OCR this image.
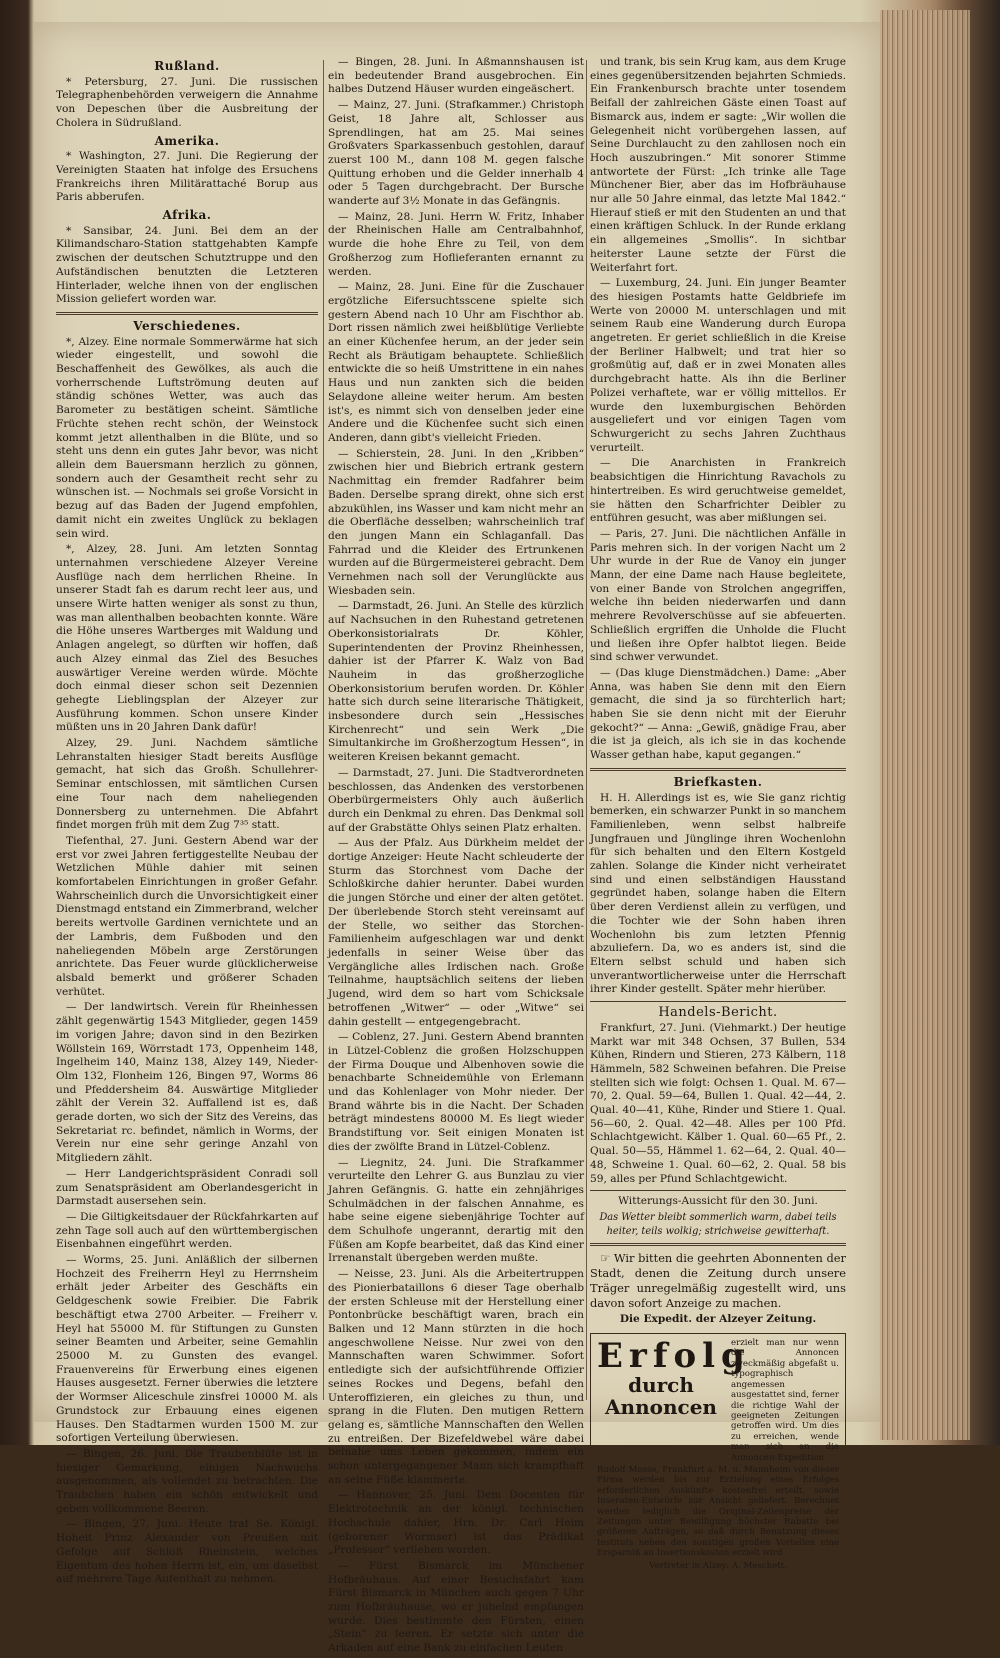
Rußland.

* Petersburg, 27. Juni. Die russischen Telegraphenbehörden verweigern die Annahme von Depeschen über die Ausbreitung der Cholera in Südrußland.

Amerika.

* Washington, 27. Juni. Die Regierung der Vereinigten Staaten hat infolge des Ersuchens Frankreichs ihren Militärattaché Borup aus Paris abberufen.

Afrika.

* Sansibar, 24. Juni. Bei dem an der Kilimandscharo-Station stattgehabten Kampfe zwischen der deutschen Schutztruppe und den Aufständischen benutzten die Letzteren Hinterlader, welche ihnen von der englischen Mission geliefert worden war.

Verschiedenes.

*, Alzey. Eine normale Sommerwärme hat sich wieder eingestellt, und sowohl die Beschaffenheit des Gewölkes, als auch die vorherrschende Luftströmung deuten auf ständig schönes Wetter, was auch das Barometer zu bestätigen scheint. Sämtliche Früchte stehen recht schön, der Weinstock kommt jetzt allenthalben in die Blüte, und so steht uns denn ein gutes Jahr bevor, was nicht allein dem Bauersmann herzlich zu gönnen, sondern auch der Gesamtheit recht sehr zu wünschen ist. — Nochmals sei große Vorsicht in bezug auf das Baden der Jugend empfohlen, damit nicht ein zweites Unglück zu beklagen sein wird.

*, Alzey, 28. Juni. Am letzten Sonntag unternahmen verschiedene Alzeyer Vereine Ausflüge nach dem herrlichen Rheine. In unserer Stadt fah es darum recht leer aus, und unsere Wirte hatten weniger als sonst zu thun, was man allenthalben beobachten konnte. Wäre die Höhe unseres Wartberges mit Waldung und Anlagen angelegt, so dürften wir hoffen, daß auch Alzey einmal das Ziel des Besuches auswärtiger Vereine werden würde. Möchte doch einmal dieser schon seit Dezennien gehegte Lieblingsplan der Alzeyer zur Ausführung kommen. Schon unsere Kinder müßten uns in 20 Jahren Dank dafür!

Alzey, 29. Juni. Nachdem sämtliche Lehranstalten hiesiger Stadt bereits Ausflüge gemacht, hat sich das Großh. Schullehrer-Seminar entschlossen, mit sämtlichen Cursen eine Tour nach dem naheliegenden Donnersberg zu unternehmen. Die Abfahrt findet morgen früh mit dem Zug 7³⁵ statt.

Tiefenthal, 27. Juni. Gestern Abend war der erst vor zwei Jahren fertiggestellte Neubau der Wetzlichen Mühle dahier mit seinen komfortabelen Einrichtungen in großer Gefahr. Wahrscheinlich durch die Unvorsichtigkeit einer Dienstmagd entstand ein Zimmerbrand, welcher bereits wertvolle Gardinen vernichtete und an der Lambris, dem Fußboden und den naheliegenden Möbeln arge Zerstörungen anrichtete. Das Feuer wurde glücklicherweise alsbald bemerkt und größerer Schaden verhütet.

— Der landwirtsch. Verein für Rheinhessen zählt gegenwärtig 1543 Mitglieder, gegen 1459 im vorigen Jahre; davon sind in den Bezirken Wöllstein 169, Wörrstadt 173, Oppenheim 148, Ingelheim 140, Mainz 138, Alzey 149, Nieder-Olm 132, Flonheim 126, Bingen 97, Worms 86 und Pfeddersheim 84. Auswärtige Mitglieder zählt der Verein 32. Auffallend ist es, daß gerade dorten, wo sich der Sitz des Vereins, das Sekretariat rc. befindet, nämlich in Worms, der Verein nur eine sehr geringe Anzahl von Mitgliedern zählt.

— Herr Landgerichtspräsident Conradi soll zum Senatspräsident am Oberlandesgericht in Darmstadt ausersehen sein.

— Die Giltigkeitsdauer der Rückfahrkarten auf zehn Tage soll auch auf den württembergischen Eisenbahnen eingeführt werden.

— Worms, 25. Juni. Anläßlich der silbernen Hochzeit des Freiherrn Heyl zu Herrnsheim erhält jeder Arbeiter des Geschäfts ein Geldgeschenk sowie Freibier. Die Fabrik beschäftigt etwa 2700 Arbeiter. — Freiherr v. Heyl hat 55000 M. für Stiftungen zu Gunsten seiner Beamten und Arbeiter, seine Gemahlin 25000 M. zu Gunsten des evangel. Frauenvereins für Erwerbung eines eigenen Hauses ausgesetzt. Ferner überwies die letztere der Wormser Aliceschule zinsfrei 10000 M. als Grundstock zur Erbauung eines eigenen Hauses. Den Stadtarmen wurden 1500 M. zur sofortigen Verteilung überwiesen.

— Bingen, 26. Juni. Die Traubenblüte ist in hiesiger Gemarkung, einigen Nachwuchs ausgenommen, als vollendet zu betrachten. Die Traubchen haben ein schön entwickelt und geben vollkommene Beeren.

— Bingen, 27. Juni. Heute traf Se. Königl. Hoheit Prinz Alexander von Preußen mit Gefolge auf Schloß Rheinstein, welches Eigentum des hohen Herrn ist, ein, um daselbst auf mehrere Tage Aufenthalt zu nehmen.

— Bingen, 28. Juni. In Aßmannshausen ist ein bedeutender Brand ausgebrochen. Ein halbes Dutzend Häuser wurden eingeäschert.

— Mainz, 27. Juni. (Strafkammer.) Christoph Geist, 18 Jahre alt, Schlosser aus Sprendlingen, hat am 25. Mai seines Großvaters Sparkassenbuch gestohlen, darauf zuerst 100 M., dann 108 M. gegen falsche Quittung erhoben und die Gelder innerhalb 4 oder 5 Tagen durchgebracht. Der Bursche wanderte auf 3½ Monate in das Gefängnis.

— Mainz, 28. Juni. Herrn W. Fritz, Inhaber der Rheinischen Halle am Centralbahnhof, wurde die hohe Ehre zu Teil, von dem Großherzog zum Hoflieferanten ernannt zu werden.

— Mainz, 28. Juni. Eine für die Zuschauer ergötzliche Eifersuchtsscene spielte sich gestern Abend nach 10 Uhr am Fischthor ab. Dort rissen nämlich zwei heißblütige Verliebte an einer Küchenfee herum, an der jeder sein Recht als Bräutigam behauptete. Schließlich entwickte die so heiß Umstrittene in ein nahes Haus und nun zankten sich die beiden Selaydone alleine weiter herum. Am besten ist's, es nimmt sich von denselben jeder eine Andere und die Küchenfee sucht sich einen Anderen, dann gibt's vielleicht Frieden.

— Schierstein, 28. Juni. In den „Kribben“ zwischen hier und Biebrich ertrank gestern Nachmittag ein fremder Radfahrer beim Baden. Derselbe sprang direkt, ohne sich erst abzukühlen, ins Wasser und kam nicht mehr an die Oberfläche desselben; wahrscheinlich traf den jungen Mann ein Schlaganfall. Das Fahrrad und die Kleider des Ertrunkenen wurden auf die Bürgermeisterei gebracht. Dem Vernehmen nach soll der Verunglückte aus Wiesbaden sein.

— Darmstadt, 26. Juni. An Stelle des kürzlich auf Nachsuchen in den Ruhestand getretenen Oberkonsistorialrats Dr. Köhler, Superintendenten der Provinz Rheinhessen, dahier ist der Pfarrer K. Walz von Bad Nauheim in das großherzogliche Oberkonsistorium berufen worden. Dr. Köhler hatte sich durch seine literarische Thätigkeit, insbesondere durch sein „Hessisches Kirchenrecht“ und sein Werk „Die Simultankirche im Großherzogtum Hessen“, in weiteren Kreisen bekannt gemacht.

— Darmstadt, 27. Juni. Die Stadtverordneten beschlossen, das Andenken des verstorbenen Oberbürgermeisters Ohly auch äußerlich durch ein Denkmal zu ehren. Das Denkmal soll auf der Grabstätte Ohlys seinen Platz erhalten.

— Aus der Pfalz. Aus Dürkheim meldet der dortige Anzeiger: Heute Nacht schleuderte der Sturm das Storchnest vom Dache der Schloßkirche dahier herunter. Dabei wurden die jungen Störche und einer der alten getötet. Der überlebende Storch steht vereinsamt auf der Stelle, wo seither das Storchen-Familienheim aufgeschlagen war und denkt jedenfalls in seiner Weise über das Vergängliche alles Irdischen nach. Große Teilnahme, hauptsächlich seitens der lieben Jugend, wird dem so hart vom Schicksale betroffenen „Witwer“ — oder „Witwe“ sei dahin gestellt — entgegengebracht.

— Coblenz, 27. Juni. Gestern Abend brannten in Lützel-Coblenz die großen Holzschuppen der Firma Douque und Albenhoven sowie die benachbarte Schneidemühle von Erlemann und das Kohlenlager von Mohr nieder. Der Brand währte bis in die Nacht. Der Schaden beträgt mindestens 80000 M. Es liegt wieder Brandstiftung vor. Seit einigen Monaten ist dies der zwölfte Brand in Lützel-Coblenz.

— Liegnitz, 24. Juni. Die Strafkammer verurteilte den Lehrer G. aus Bunzlau zu vier Jahren Gefängnis. G. hatte ein zehnjähriges Schulmädchen in der falschen Annahme, es habe seine eigene siebenjährige Tochter auf dem Schulhofe ungerannt, derartig mit den Füßen am Kopfe bearbeitet, daß das Kind einer Irrenanstalt übergeben werden mußte.

— Neisse, 23. Juni. Als die Arbeitertruppen des Pionierbataillons 6 dieser Tage oberhalb der ersten Schleuse mit der Herstellung einer Pontonbrücke beschäftigt waren, brach ein Balken und 12 Mann stürzten in die hoch angeschwollene Neisse. Nur zwei von den Mannschaften waren Schwimmer. Sofort entledigte sich der aufsichtführende Offizier seines Rockes und Degens, befahl den Unteroffizieren, ein gleiches zu thun, und sprang in die Fluten. Den mutigen Rettern gelang es, sämtliche Mannschaften den Wellen zu entreißen. Der Bizefeldwebel wäre dabei beinahe ums Leben gekommen, indem ein schon untergegangener Mann sich krampfhaft an seine Füße klammerte.

— Hannover, 25. Juni. Dem Docenten für Elektrotechnik an der königl. technischen Hochschule dahier, Hrn. Dr. Carl Heim (geborener Wormser) ist das Prädikat „Professor“ verliehen worden.

— Fürst Bismarck im Münchener Hofbräuhaus. Auf einer Besuchsfahrt kam Fürst Bismarck in München auch gegen 7 Uhr zum Hofbräuhause, wo er jubelnd empfangen wurde. Dies bestimmte den Fürsten, einen „Stein“ zu leeren. Er setzte sich unter die Arkaden auf eine Bank zu einfachen Leuten

und trank, bis sein Krug kam, aus dem Kruge eines gegenübersitzenden bejahrten Schmieds. Ein Frankenbursch brachte unter tosendem Beifall der zahlreichen Gäste einen Toast auf Bismarck aus, indem er sagte: „Wir wollen die Gelegenheit nicht vorübergehen lassen, auf Seine Durchlaucht zu den zahllosen noch ein Hoch auszubringen.“ Mit sonorer Stimme antwortete der Fürst: „Ich trinke alle Tage Münchener Bier, aber das im Hofbräuhause nur alle 50 Jahre einmal, das letzte Mal 1842.“ Hierauf stieß er mit den Studenten an und that einen kräftigen Schluck. In der Runde erklang ein allgemeines „Smollis“. In sichtbar heiterster Laune setzte der Fürst die Weiterfahrt fort.

— Luxemburg, 24. Juni. Ein junger Beamter des hiesigen Postamts hatte Geldbriefe im Werte von 20000 M. unterschlagen und mit seinem Raub eine Wanderung durch Europa angetreten. Er geriet schließlich in die Kreise der Berliner Halbwelt; und trat hier so großmütig auf, daß er in zwei Monaten alles durchgebracht hatte. Als ihn die Berliner Polizei verhaftete, war er völlig mittellos. Er wurde den luxemburgischen Behörden ausgeliefert und vor einigen Tagen vom Schwurgericht zu sechs Jahren Zuchthaus verurteilt.

— Die Anarchisten in Frankreich beabsichtigen die Hinrichtung Ravachols zu hintertreiben. Es wird geruchtweise gemeldet, sie hätten den Scharfrichter Deibler zu entführen gesucht, was aber mißlungen sei.

— Paris, 27. Juni. Die nächtlichen Anfälle in Paris mehren sich. In der vorigen Nacht um 2 Uhr wurde in der Rue de Vanoy ein junger Mann, der eine Dame nach Hause begleitete, von einer Bande von Strolchen angegriffen, welche ihn beiden niederwarfen und dann mehrere Revolverschüsse auf sie abfeuerten. Schließlich ergriffen die Unholde die Flucht und ließen ihre Opfer halbtot liegen. Beide sind schwer verwundet.

— (Das kluge Dienstmädchen.) Dame: „Aber Anna, was haben Sie denn mit den Eiern gemacht, die sind ja so fürchterlich hart; haben Sie sie denn nicht mit der Eieruhr gekocht?“ — Anna: „Gewiß, gnädige Frau, aber die ist ja gleich, als ich sie in das kochende Wasser gethan habe, kaput gegangen.“

Briefkasten.

H. H. Allerdings ist es, wie Sie ganz richtig bemerken, ein schwarzer Punkt in so manchem Familienleben, wenn selbst halbreife Jungfrauen und Jünglinge ihren Wochenlohn für sich behalten und den Eltern Kostgeld zahlen. Solange die Kinder nicht verheiratet sind und einen selbständigen Hausstand gegründet haben, solange haben die Eltern über deren Verdienst allein zu verfügen, und die Tochter wie der Sohn haben ihren Wochenlohn bis zum letzten Pfennig abzuliefern. Da, wo es anders ist, sind die Eltern selbst schuld und haben sich unverantwortlicherweise unter die Herrschaft ihrer Kinder gestellt. Später mehr hierüber.

Handels-Bericht.

Frankfurt, 27. Juni. (Viehmarkt.) Der heutige Markt war mit 348 Ochsen, 37 Bullen, 534 Kühen, Rindern und Stieren, 273 Kälbern, 118 Hämmeln, 582 Schweinen befahren. Die Preise stellten sich wie folgt: Ochsen 1. Qual. M. 67—70, 2. Qual. 59—64, Bullen 1. Qual. 42—44, 2. Qual. 40—41, Kühe, Rinder und Stiere 1. Qual. 56—60, 2. Qual. 42—48. Alles per 100 Pfd. Schlachtgewicht. Kälber 1. Qual. 60—65 Pf., 2. Qual. 50—55, Hämmel 1. 62—64, 2. Qual. 40—48, Schweine 1. Qual. 60—62, 2. Qual. 58 bis 59, alles per Pfund Schlachtgewicht.

Witterungs-Aussicht für den 30. Juni.

Das Wetter bleibt sommerlich warm, dabei teils heiter, teils wolkig; strichweise gewitterhaft.

☞ Wir bitten die geehrten Abonnenten der Stadt, denen die Zeitung durch unsere Träger unregelmäßig zugestellt wird, uns davon sofort Anzeige zu machen.

Die Expedit. der Alzeyer Zeitung.

Erfolg
durch Annoncen
erzielt man nur wenn die Annoncen zweckmäßig abgefaßt u. typographisch angemessen ausgestattet sind, ferner die richtige Wahl der geeigneten Zeitungen getroffen wird. Um dies zu erreichen, wende man sich an die Annoncen-Expedition
Rudolf Mosse, Frankfurt a. M. u. Mannheim von dieser Firma werden bis zur Erzielung eines Erfolges erforderlichen Auskünfte kostenfrei erteilt, sowie Inseraten-Entwürfe zur Ansicht geliefert. Berechnet werden lediglich die Original-Zeilenpreise der Zeitungen unter Bewilligung höchster Rabatte bei größeren Aufträgen, so daß durch Benutzung dieses Instituts neben den sonstigen großen Vorteilen eine Ersparniß an Insertionskosten erzielt wird
Vertreter in Alzey: A. Meschett.
